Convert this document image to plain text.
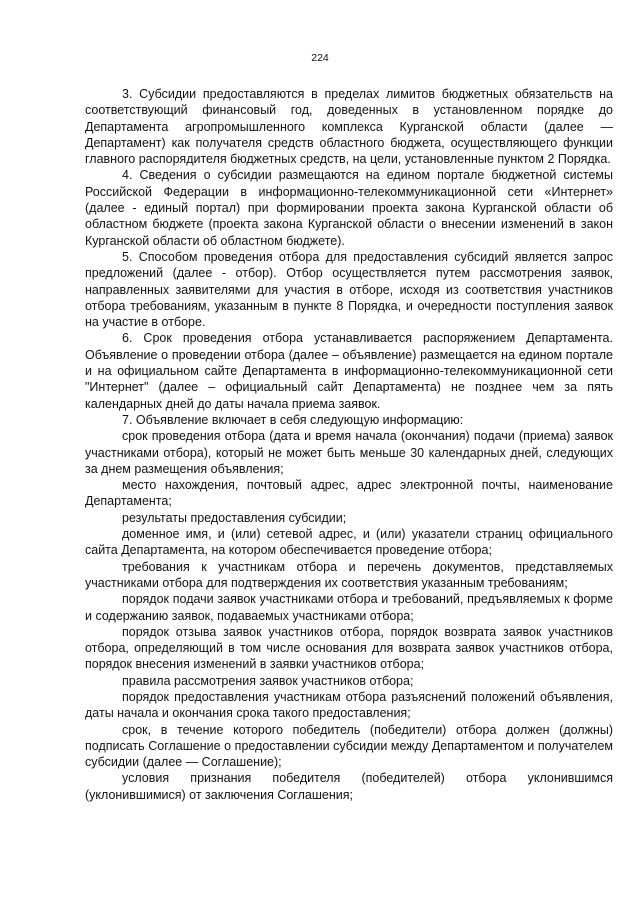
224

3. Субсидии предоставляются в пределах лимитов бюджетных обязательств на соответствующий финансовый год, доведенных в установленном порядке до Департамента агропромышленного комплекса Курганской области (далее — Департамент) как получателя средств областного бюджета, осуществляющего функции главного распорядителя бюджетных средств, на цели, установленные пунктом 2 Порядка.

4. Сведения о субсидии размещаются на едином портале бюджетной системы Российской Федерации в информационно-телекоммуникационной сети «Интернет» (далее - единый портал) при формировании проекта закона Курганской области об областном бюджете (проекта закона Курганской области о внесении изменений в закон Курганской области об областном бюджете).

5. Способом проведения отбора для предоставления субсидий является запрос предложений (далее - отбор). Отбор осуществляется путем рассмотрения заявок, направленных заявителями для участия в отборе, исходя из соответствия участников отбора требованиям, указанным в пункте 8 Порядка, и очередности поступления заявок на участие в отборе.

6. Срок проведения отбора устанавливается распоряжением Департамента. Объявление о проведении отбора (далее – объявление) размещается на едином портале и на официальном сайте Департамента в информационно-телекоммуникационной сети "Интернет" (далее – официальный сайт Департамента) не позднее чем за пять календарных дней до даты начала приема заявок.

7. Объявление включает в себя следующую информацию:

срок проведения отбора (дата и время начала (окончания) подачи (приема) заявок участниками отбора), который не может быть меньше 30 календарных дней, следующих за днем размещения объявления;

место нахождения, почтовый адрес, адрес электронной почты, наименование Департамента;

результаты предоставления субсидии;

доменное имя, и (или) сетевой адрес, и (или) указатели страниц официального сайта Департамента, на котором обеспечивается проведение отбора;

требования к участникам отбора и перечень документов, представляемых участниками отбора для подтверждения их соответствия указанным требованиям;

порядок подачи заявок участниками отбора и требований, предъявляемых к форме и содержанию заявок, подаваемых участниками отбора;

порядок отзыва заявок участников отбора, порядок возврата заявок участников отбора, определяющий в том числе основания для возврата заявок участников отбора, порядок внесения изменений в заявки участников отбора;

правила рассмотрения заявок участников отбора;

порядок предоставления участникам отбора разъяснений положений объявления, даты начала и окончания срока такого предоставления;

срок, в течение которого победитель (победители) отбора должен (должны) подписать Соглашение о предоставлении субсидии между Департаментом и получателем субсидии (далее — Соглашение);

условия признания победителя (победителей) отбора уклонившимся (уклонившимися) от заключения Соглашения;
